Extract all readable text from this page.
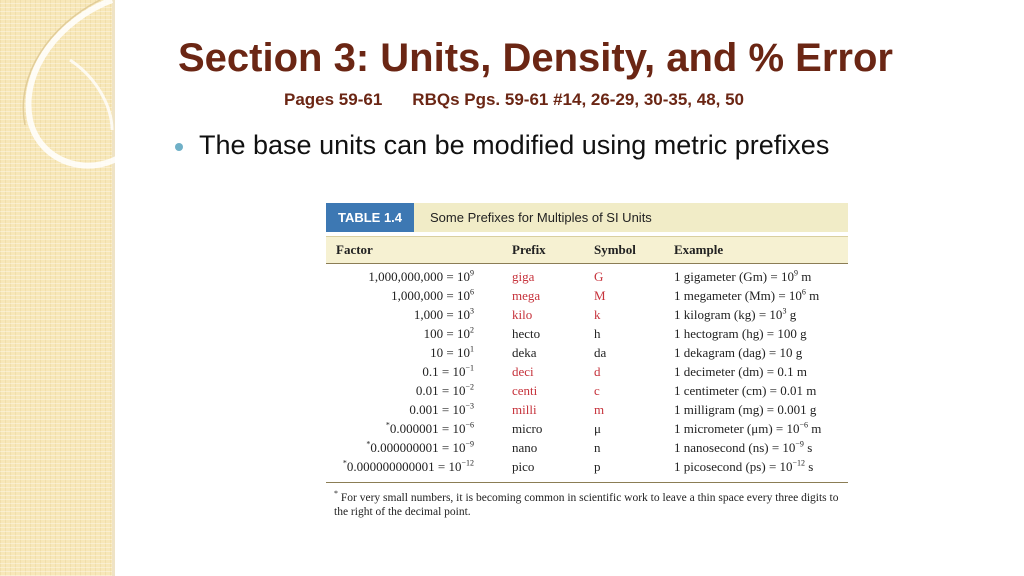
Section 3: Units, Density, and % Error
Pages 59-61 RBQs Pgs. 59-61 #14, 26-29, 30-35, 48, 50
The base units can be modified using metric prefixes
TABLE 1.4	Some Prefixes for Multiples of SI Units
Factor	Prefix	Symbol	Example
$1,000,000,000 = 10^9$	giga	G	1 gigameter $(Gm) = 10^9$ m
$1,000,000 = 10^6$	mega	M	1 megameter $(Mm) = 10^6$ m
$1,000 = 10^3$	kilo	k	1 kilogram $(kg) = 10^3$ g
$100 = 10^2$	hecto	h	1 hectogram (hg) = 100 g
$10 = 10^1$	deka	da	1 dekagram (dag) = 10 g
$0.1 = 10^{-1}$	deci	d	1 decimeter (dm) = 0.1 m
$0.01 = 10^{-2}$	centi	c	1 centimeter (cm) = 0.01 m
$0.001 = 10^{-3}$	milli	m	1 milligram (mg) = 0.001 g
$^*0.000001 = 10^{-6}$	micro	μ	1 micrometer $(\mu m) = 10^{-6}$ m
$^*0.000000001 = 10^{-9}$	nano	n	1 nanosecond $(ns) = 10^{-9}$ s
$^*0.000000000001 = 10^{-12}$	pico	p	1 picosecond $(ps) = 10^{-12}$ s
* For very small numbers, it is becoming common in scientific work to leave a thin space every three digits to the right of the decimal point.
